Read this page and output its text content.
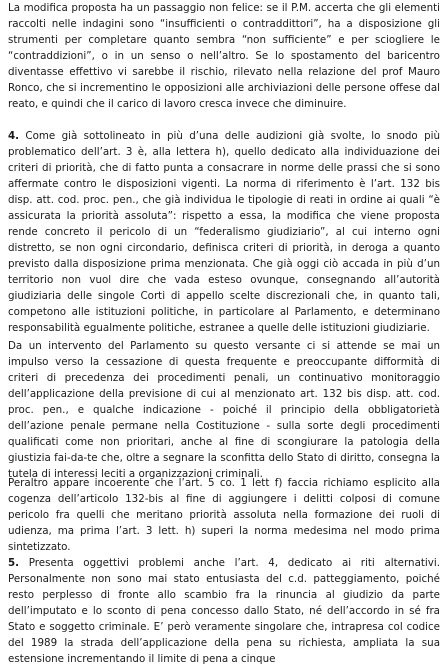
La modifica proposta ha un passaggio non felice: se il P.M. accerta che gli elementi raccolti nelle indagini sono “insufficienti o contraddittori”, ha a disposizione gli strumenti per completare quanto sembra “non sufficiente” e per sciogliere le “contraddizioni”, o in un senso o nell’altro. Se lo spostamento del baricentro diventasse effettivo vi sarebbe il rischio, rilevato nella relazione del prof Mauro Ronco, che si incrementino le opposizioni alle archiviazioni delle persone offese dal reato, e quindi che il carico di lavoro cresca invece che diminuire.

4. Come già sottolineato in più d’una delle audizioni già svolte, lo snodo più problematico dell’art. 3 è, alla lettera h), quello dedicato alla individuazione dei criteri di priorità, che di fatto punta a consacrare in norme delle prassi che si sono affermate contro le disposizioni vigenti. La norma di riferimento è l’art. 132 bis disp. att. cod. proc. pen., che già individua le tipologie di reati in ordine ai quali “è assicurata la priorità assoluta”: rispetto a essa, la modifica che viene proposta rende concreto il pericolo di un “federalismo giudiziario”, al cui interno ogni distretto, se non ogni circondario, definisca criteri di priorità, in deroga a quanto previsto dalla disposizione prima menzionata. Che già oggi ciò accada in più d’un territorio non vuol dire che vada esteso ovunque, consegnando all’autorità giudiziaria delle singole Corti di appello scelte discrezionali che, in quanto tali, competono alle istituzioni politiche, in particolare al Parlamento, e determinano responsabilità egualmente politiche, estranee a quelle delle istituzioni giudiziarie.

Da un intervento del Parlamento su questo versante ci si attende se mai un impulso verso la cessazione di questa frequente e preoccupante difformità di criteri di precedenza dei procedimenti penali, un continuativo monitoraggio dell’applicazione della previsione di cui al menzionato art. 132 bis disp. att. cod. proc. pen., e qualche indicazione - poiché il principio della obbligatorietà dell’azione penale permane nella Costituzione - sulla sorte degli procedimenti qualificati come non prioritari, anche al fine di scongiurare la patologia della giustizia fai-da-te che, oltre a segnare la sconfitta dello Stato di diritto, consegna la tutela di interessi leciti a organizzazioni criminali.

Peraltro appare incoerente che l’art. 5 co. 1 lett f) faccia richiamo esplicito alla cogenza dell’articolo 132-bis al fine di aggiungere i delitti colposi di comune pericolo fra quelli che meritano priorità assoluta nella formazione dei ruoli di udienza, ma prima l’art. 3 lett. h) superi la norma medesima nel modo prima sintetizzato.

5. Presenta oggettivi problemi anche l’art. 4, dedicato ai riti alternativi. Personalmente non sono mai stato entusiasta del c.d. patteggiamento, poiché resto perplesso di fronte allo scambio fra la rinuncia al giudizio da parte dell’imputato e lo sconto di pena concesso dallo Stato, né dell’accordo in sé fra Stato e soggetto criminale. E’ però veramente singolare che, intrapresa col codice del 1989 la strada dell’applicazione della pena su richiesta, ampliata la sua estensione incrementando il limite di pena a cinque
